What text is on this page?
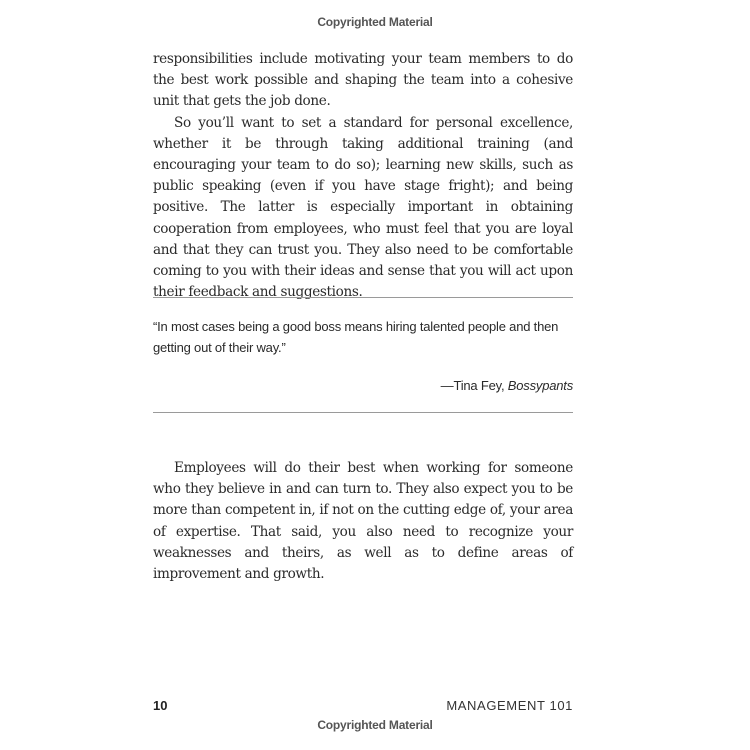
Copyrighted Material

responsibilities include motivating your team members to do the best work possible and shaping the team into a cohesive unit that gets the job done.

So you’ll want to set a standard for personal excellence, whether it be through taking additional training (and encouraging your team to do so); learning new skills, such as public speaking (even if you have stage fright); and being positive. The latter is especially important in obtaining cooperation from employees, who must feel that you are loyal and that they can trust you. They also need to be comfortable coming to you with their ideas and sense that you will act upon their feedback and suggestions.

“In most cases being a good boss means hiring talented people and then getting out of their way.”
—Tina Fey, Bossypants

Employees will do their best when working for someone who they believe in and can turn to. They also expect you to be more than competent in, if not on the cutting edge of, your area of expertise. That said, you also need to recognize your weaknesses and theirs, as well as to define areas of improvement and growth.

10	MANAGEMENT 101
Copyrighted Material
